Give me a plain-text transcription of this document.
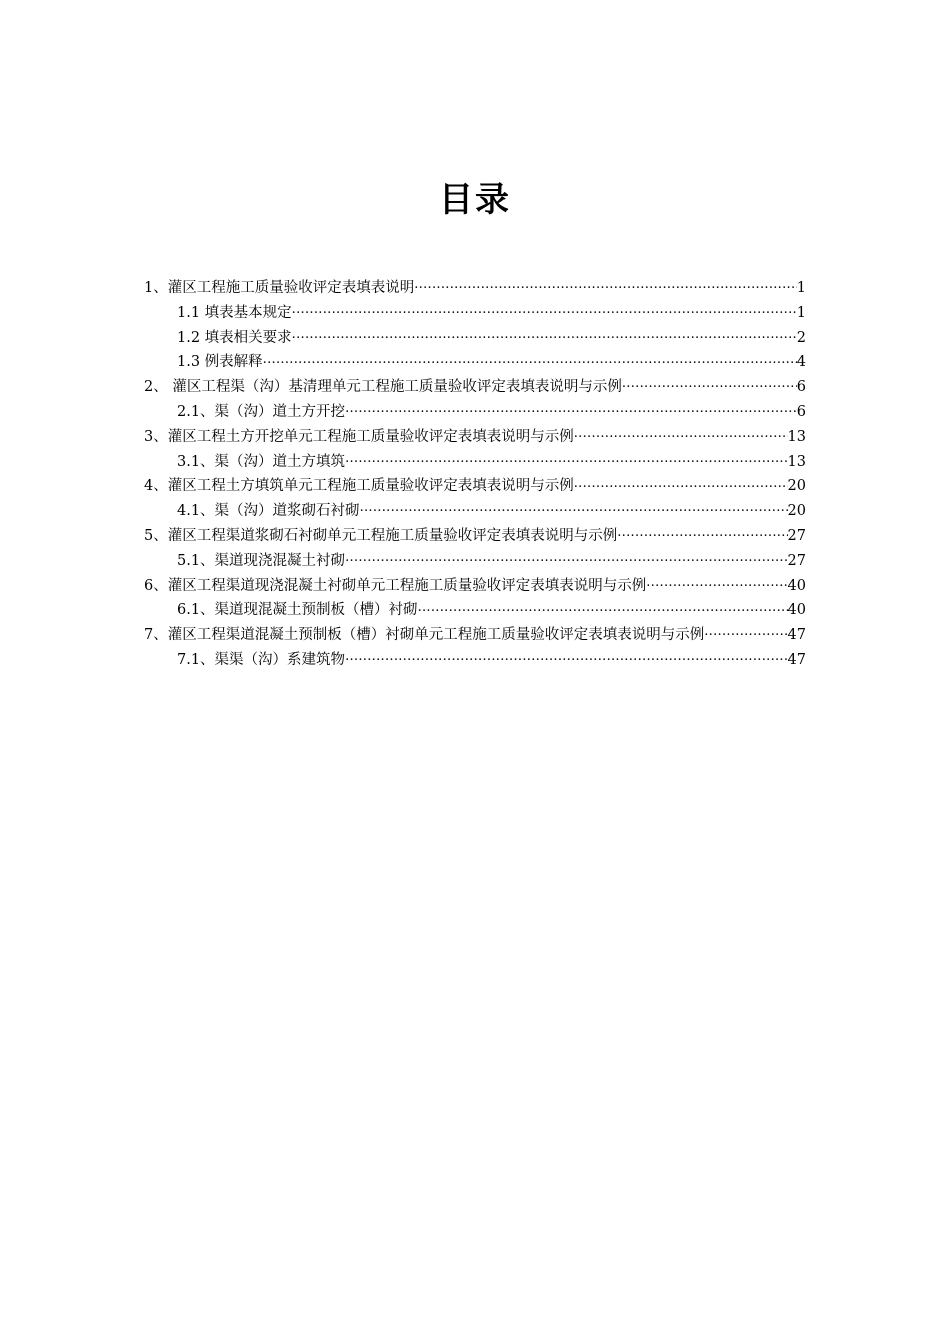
目录
1、灌区工程施工质量验收评定表填表说明 .....	1
1.1 填表基本规定 .....	1
1.2 填表相关要求 .....	2
1.3 例表解释 .....	4
2、 灌区工程渠（沟）基清理单元工程施工质量验收评定表填表说明与示例 .....	6
2.1、渠（沟）道土方开挖 .....	6
3、灌区工程土方开挖单元工程施工质量验收评定表填表说明与示例 .....	13
3.1、渠（沟）道土方填筑 .....	13
4、灌区工程土方填筑单元工程施工质量验收评定表填表说明与示例 .....	20
4.1、渠（沟）道浆砌石衬砌 .....	20
5、灌区工程渠道浆砌石衬砌单元工程施工质量验收评定表填表说明与示例 .....	27
5.1、渠道现浇混凝土衬砌 .....	27
6、灌区工程渠道现浇混凝土衬砌单元工程施工质量验收评定表填表说明与示例 .....	40
6.1、渠道现混凝土预制板（槽）衬砌 .....	40
7、灌区工程渠道混凝土预制板（槽）衬砌单元工程施工质量验收评定表填表说明与示例 .....	47
7.1、渠渠（沟）系建筑物 .....	47
